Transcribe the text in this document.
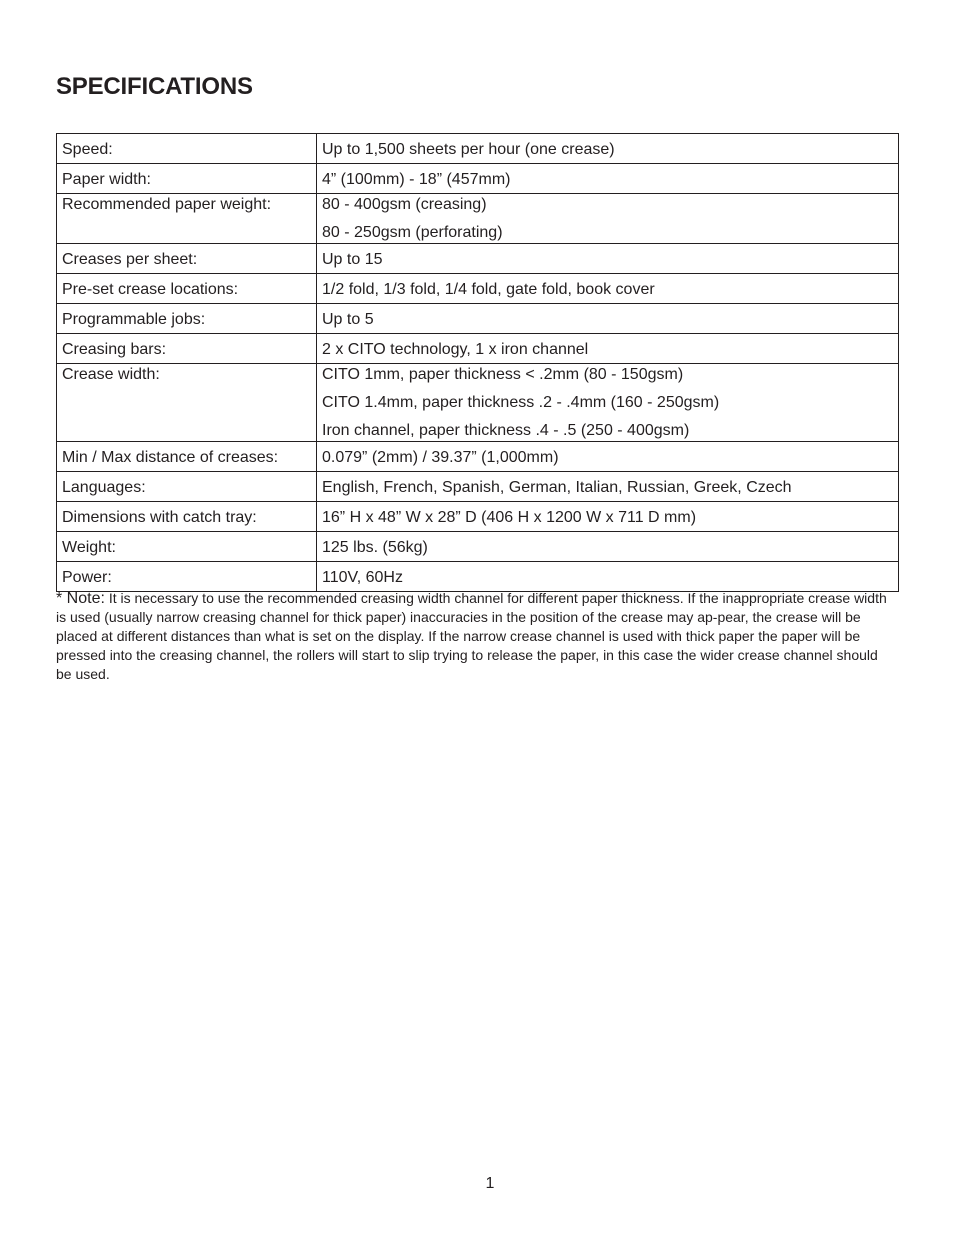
SPECIFICATIONS
Speed:	Up to 1,500 sheets per hour (one crease)
Paper width:	4” (100mm) - 18” (457mm)
Recommended paper weight:	80 - 400gsm (creasing)
80 - 250gsm (perforating)

Creases per sheet:	Up to 15
Pre-set crease locations:	1/2 fold, 1/3 fold, 1/4 fold, gate fold, book cover
Programmable jobs:	Up to 5
Creasing bars:	2 x CITO technology, 1 x iron channel
Crease width:	CITO 1mm, paper thickness < .2mm (80 - 150gsm)
CITO 1.4mm, paper thickness .2 - .4mm (160 - 250gsm)
Iron channel, paper thickness .4 - .5 (250 - 400gsm)

Min / Max distance of creases:	0.079” (2mm) / 39.37” (1,000mm)
Languages:	English, French, Spanish, German, Italian, Russian, Greek, Czech
Dimensions with catch tray:	16” H x 48” W x 28” D (406 H x 1200 W x 711 D mm)
Weight:	125 lbs. (56kg)
Power:	110V, 60Hz

* Note: It is necessary to use the recommended creasing width channel for different paper thickness. If the inappropriate crease width is used (usually narrow creasing channel for thick paper) inaccuracies in the position of the crease may ap-pear, the crease will be placed at different distances than what is set on the display. If the narrow crease channel is used with thick paper the paper will be pressed into the creasing channel, the rollers will start to slip trying to release the paper, in this case the wider crease channel should be used.

1
